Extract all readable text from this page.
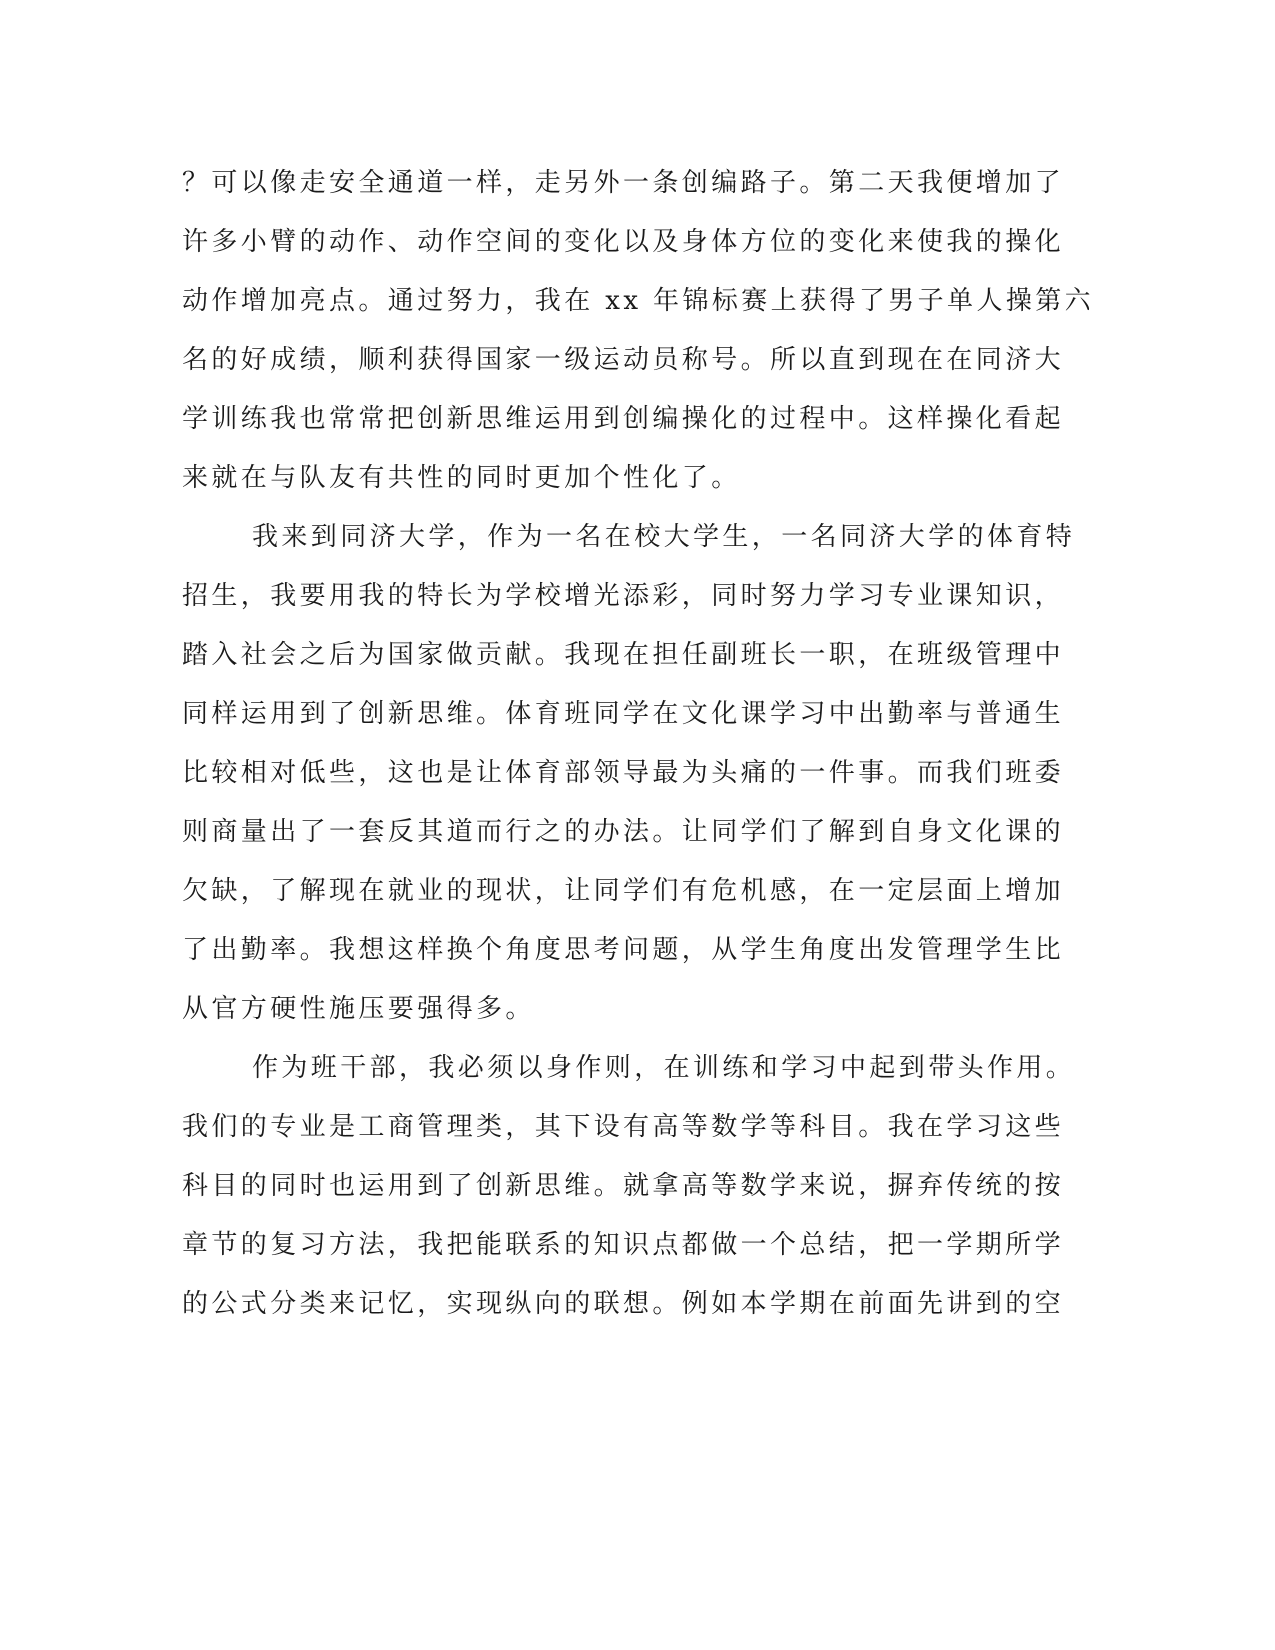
？可以像走安全通道一样，走另外一条创编路子。第二天我便增加了
许多小臂的动作、动作空间的变化以及身体方位的变化来使我的操化
动作增加亮点。通过努力，我在 xx 年锦标赛上获得了男子单人操第六
名的好成绩，顺利获得国家一级运动员称号。所以直到现在在同济大
学训练我也常常把创新思维运用到创编操化的过程中。这样操化看起
来就在与队友有共性的同时更加个性化了。
我来到同济大学，作为一名在校大学生，一名同济大学的体育特
招生，我要用我的特长为学校增光添彩，同时努力学习专业课知识，
踏入社会之后为国家做贡献。我现在担任副班长一职，在班级管理中
同样运用到了创新思维。体育班同学在文化课学习中出勤率与普通生
比较相对低些，这也是让体育部领导最为头痛的一件事。而我们班委
则商量出了一套反其道而行之的办法。让同学们了解到自身文化课的
欠缺，了解现在就业的现状，让同学们有危机感，在一定层面上增加
了出勤率。我想这样换个角度思考问题，从学生角度出发管理学生比
从官方硬性施压要强得多。
作为班干部，我必须以身作则，在训练和学习中起到带头作用。
我们的专业是工商管理类，其下设有高等数学等科目。我在学习这些
科目的同时也运用到了创新思维。就拿高等数学来说，摒弃传统的按
章节的复习方法，我把能联系的知识点都做一个总结，把一学期所学
的公式分类来记忆，实现纵向的联想。例如本学期在前面先讲到的空
